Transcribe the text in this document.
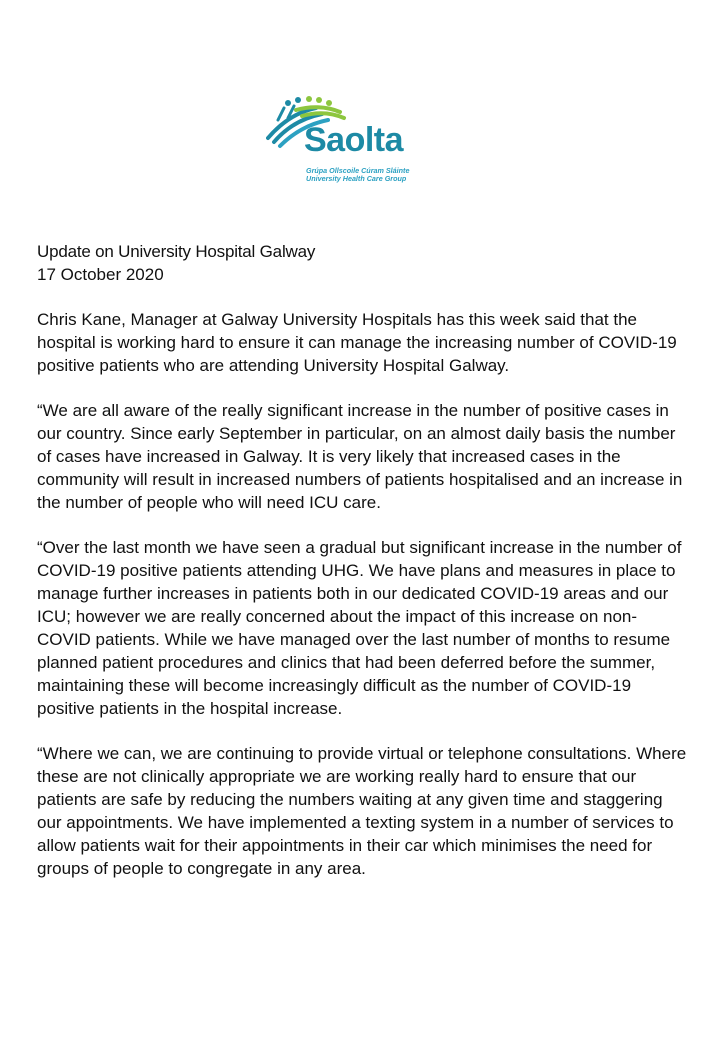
Saolta
Grúpa Ollscoile Cúram Sláinte
University Health Care Group

Update on University Hospital Galway

17 October 2020

Chris Kane, Manager at Galway University Hospitals has this week said that the hospital is working hard to ensure it can manage the increasing number of COVID-19 positive patients who are attending University Hospital Galway.

“We are all aware of the really significant increase in the number of positive cases in our country. Since early September in particular, on an almost daily basis the number of cases have increased in Galway. It is very likely that increased cases in the community will result in increased numbers of patients hospitalised and an increase in the number of people who will need ICU care.

“Over the last month we have seen a gradual but significant increase in the number of COVID-19 positive patients attending UHG. We have plans and measures in place to manage further increases in patients both in our dedicated COVID-19 areas and our ICU; however we are really concerned about the impact of this increase on non-COVID patients. While we have managed over the last number of months to resume planned patient procedures and clinics that had been deferred before the summer, maintaining these will become increasingly difficult as the number of COVID-19 positive patients in the hospital increase.

“Where we can, we are continuing to provide virtual or telephone consultations. Where these are not clinically appropriate we are working really hard to ensure that our patients are safe by reducing the numbers waiting at any given time and staggering our appointments. We have implemented a texting system in a number of services to allow patients wait for their appointments in their car which minimises the need for groups of people to congregate in any area.
